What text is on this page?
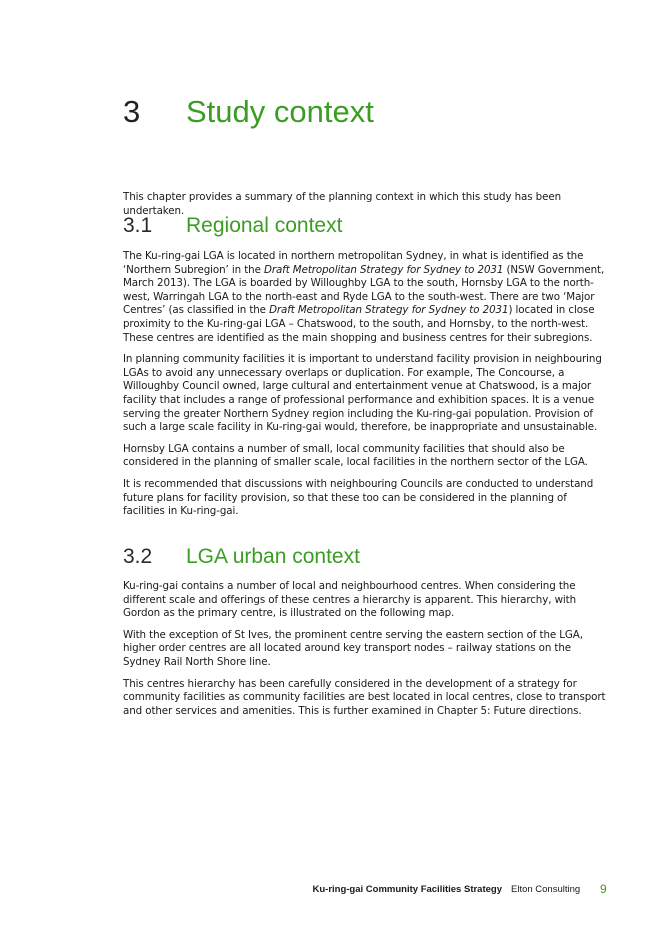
3 Study context

This chapter provides a summary of the planning context in which this study has been undertaken.

3.1 Regional context

The Ku-ring-gai LGA is located in northern metropolitan Sydney, in what is identified as the ‘Northern Subregion’ in the Draft Metropolitan Strategy for Sydney to 2031 (NSW Government, March 2013). The LGA is boarded by Willoughby LGA to the south, Hornsby LGA to the north-west, Warringah LGA to the north-east and Ryde LGA to the south-west. There are two ‘Major Centres’ (as classified in the Draft Metropolitan Strategy for Sydney to 2031) located in close proximity to the Ku-ring-gai LGA – Chatswood, to the south, and Hornsby, to the north-west. These centres are identified as the main shopping and business centres for their subregions.

In planning community facilities it is important to understand facility provision in neighbouring LGAs to avoid any unnecessary overlaps or duplication. For example, The Concourse, a Willoughby Council owned, large cultural and entertainment venue at Chatswood, is a major facility that includes a range of professional performance and exhibition spaces. It is a venue serving the greater Northern Sydney region including the Ku-ring-gai population. Provision of such a large scale facility in Ku-ring-gai would, therefore, be inappropriate and unsustainable.

Hornsby LGA contains a number of small, local community facilities that should also be considered in the planning of smaller scale, local facilities in the northern sector of the LGA.

It is recommended that discussions with neighbouring Councils are conducted to understand future plans for facility provision, so that these too can be considered in the planning of facilities in Ku-ring-gai.

3.2 LGA urban context

Ku-ring-gai contains a number of local and neighbourhood centres. When considering the different scale and offerings of these centres a hierarchy is apparent. This hierarchy, with Gordon as the primary centre, is illustrated on the following map.

With the exception of St Ives, the prominent centre serving the eastern section of the LGA, higher order centres are all located around key transport nodes – railway stations on the Sydney Rail North Shore line.

This centres hierarchy has been carefully considered in the development of a strategy for community facilities as community facilities are best located in local centres, close to transport and other services and amenities. This is further examined in Chapter 5: Future directions.

Ku-ring-gai Community Facilities Strategy Elton Consulting 9
